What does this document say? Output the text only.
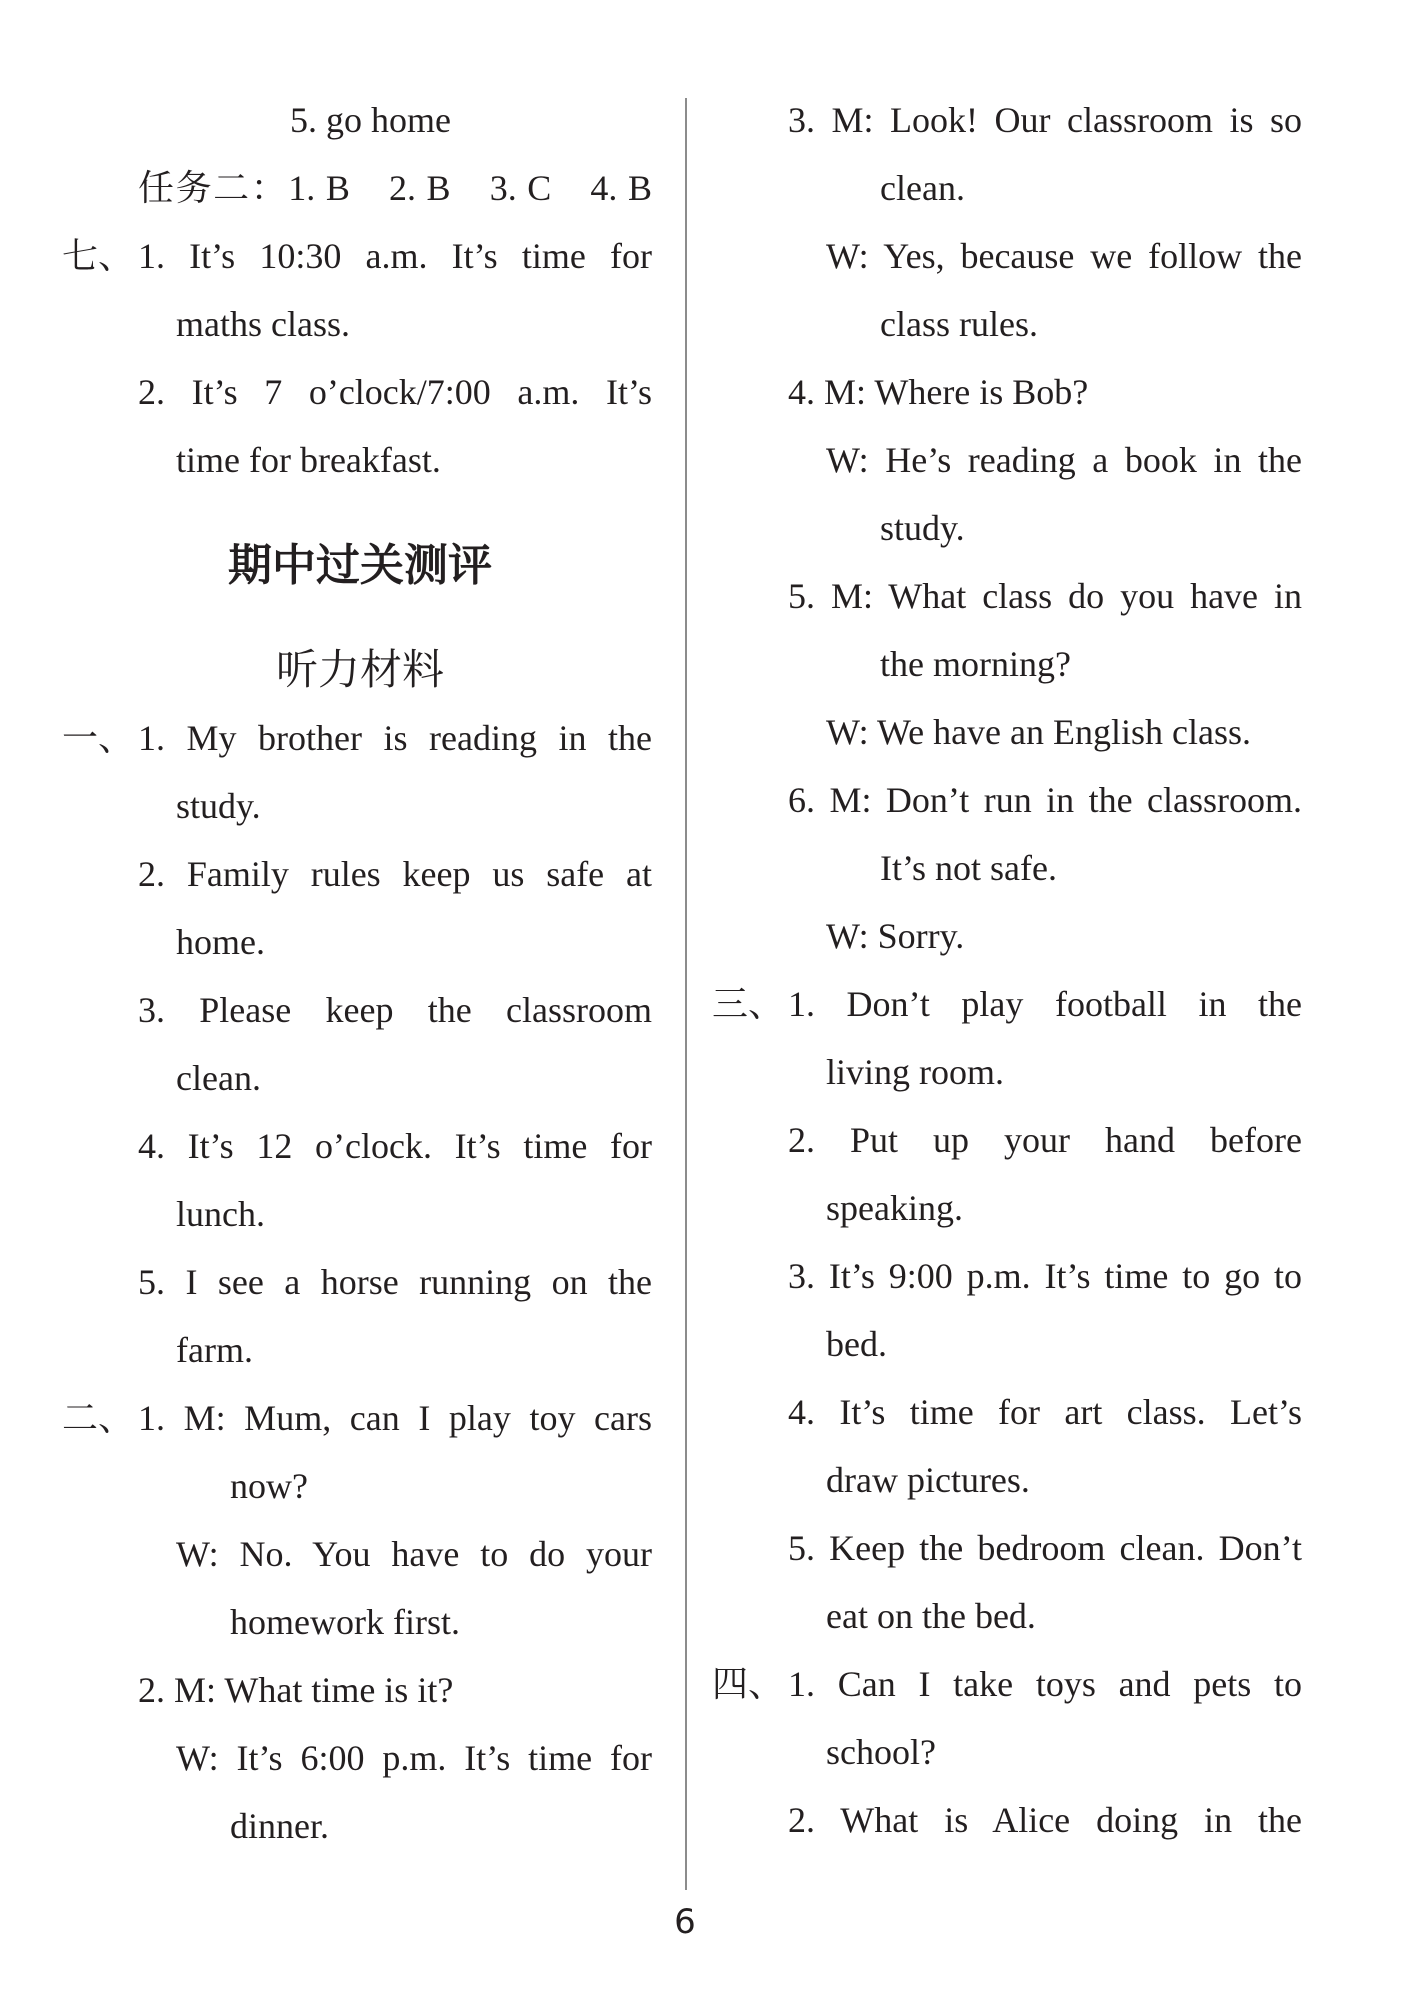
5. go home
任务二：1. B　2. B　3. C　4. B
七、 1. It’s 10:30 a.m. It’s time for
maths class.
2. It’s 7 o’clock/7:00 a.m. It’s
time for breakfast.
期中过关测评
听力材料
一、 1. My brother is reading in the
study.
2. Family rules keep us safe at
home.
3. Please keep the classroom
clean.
4. It’s 12 o’clock. It’s time for
lunch.
5. I see a horse running on the
farm.
二、 1. M: Mum, can I play toy cars
now?
W: No. You have to do your
homework first.
2. M: What time is it?
W: It’s 6:00 p.m. It’s time for
dinner.
3. M: Look! Our classroom is so
clean.
W: Yes, because we follow the
class rules.
4. M: Where is Bob?
W: He’s reading a book in the
study.
5. M: What class do you have in
the morning?
W: We have an English class.
6. M: Don’t run in the classroom.
It’s not safe.
W: Sorry.
三、 1. Don’t play football in the
living room.
2. Put up your hand before
speaking.
3. It’s 9:00 p.m. It’s time to go to
bed.
4. It’s time for art class. Let’s
draw pictures.
5. Keep the bedroom clean. Don’t
eat on the bed.
四、 1. Can I take toys and pets to
school?
2. What is Alice doing in the
6
